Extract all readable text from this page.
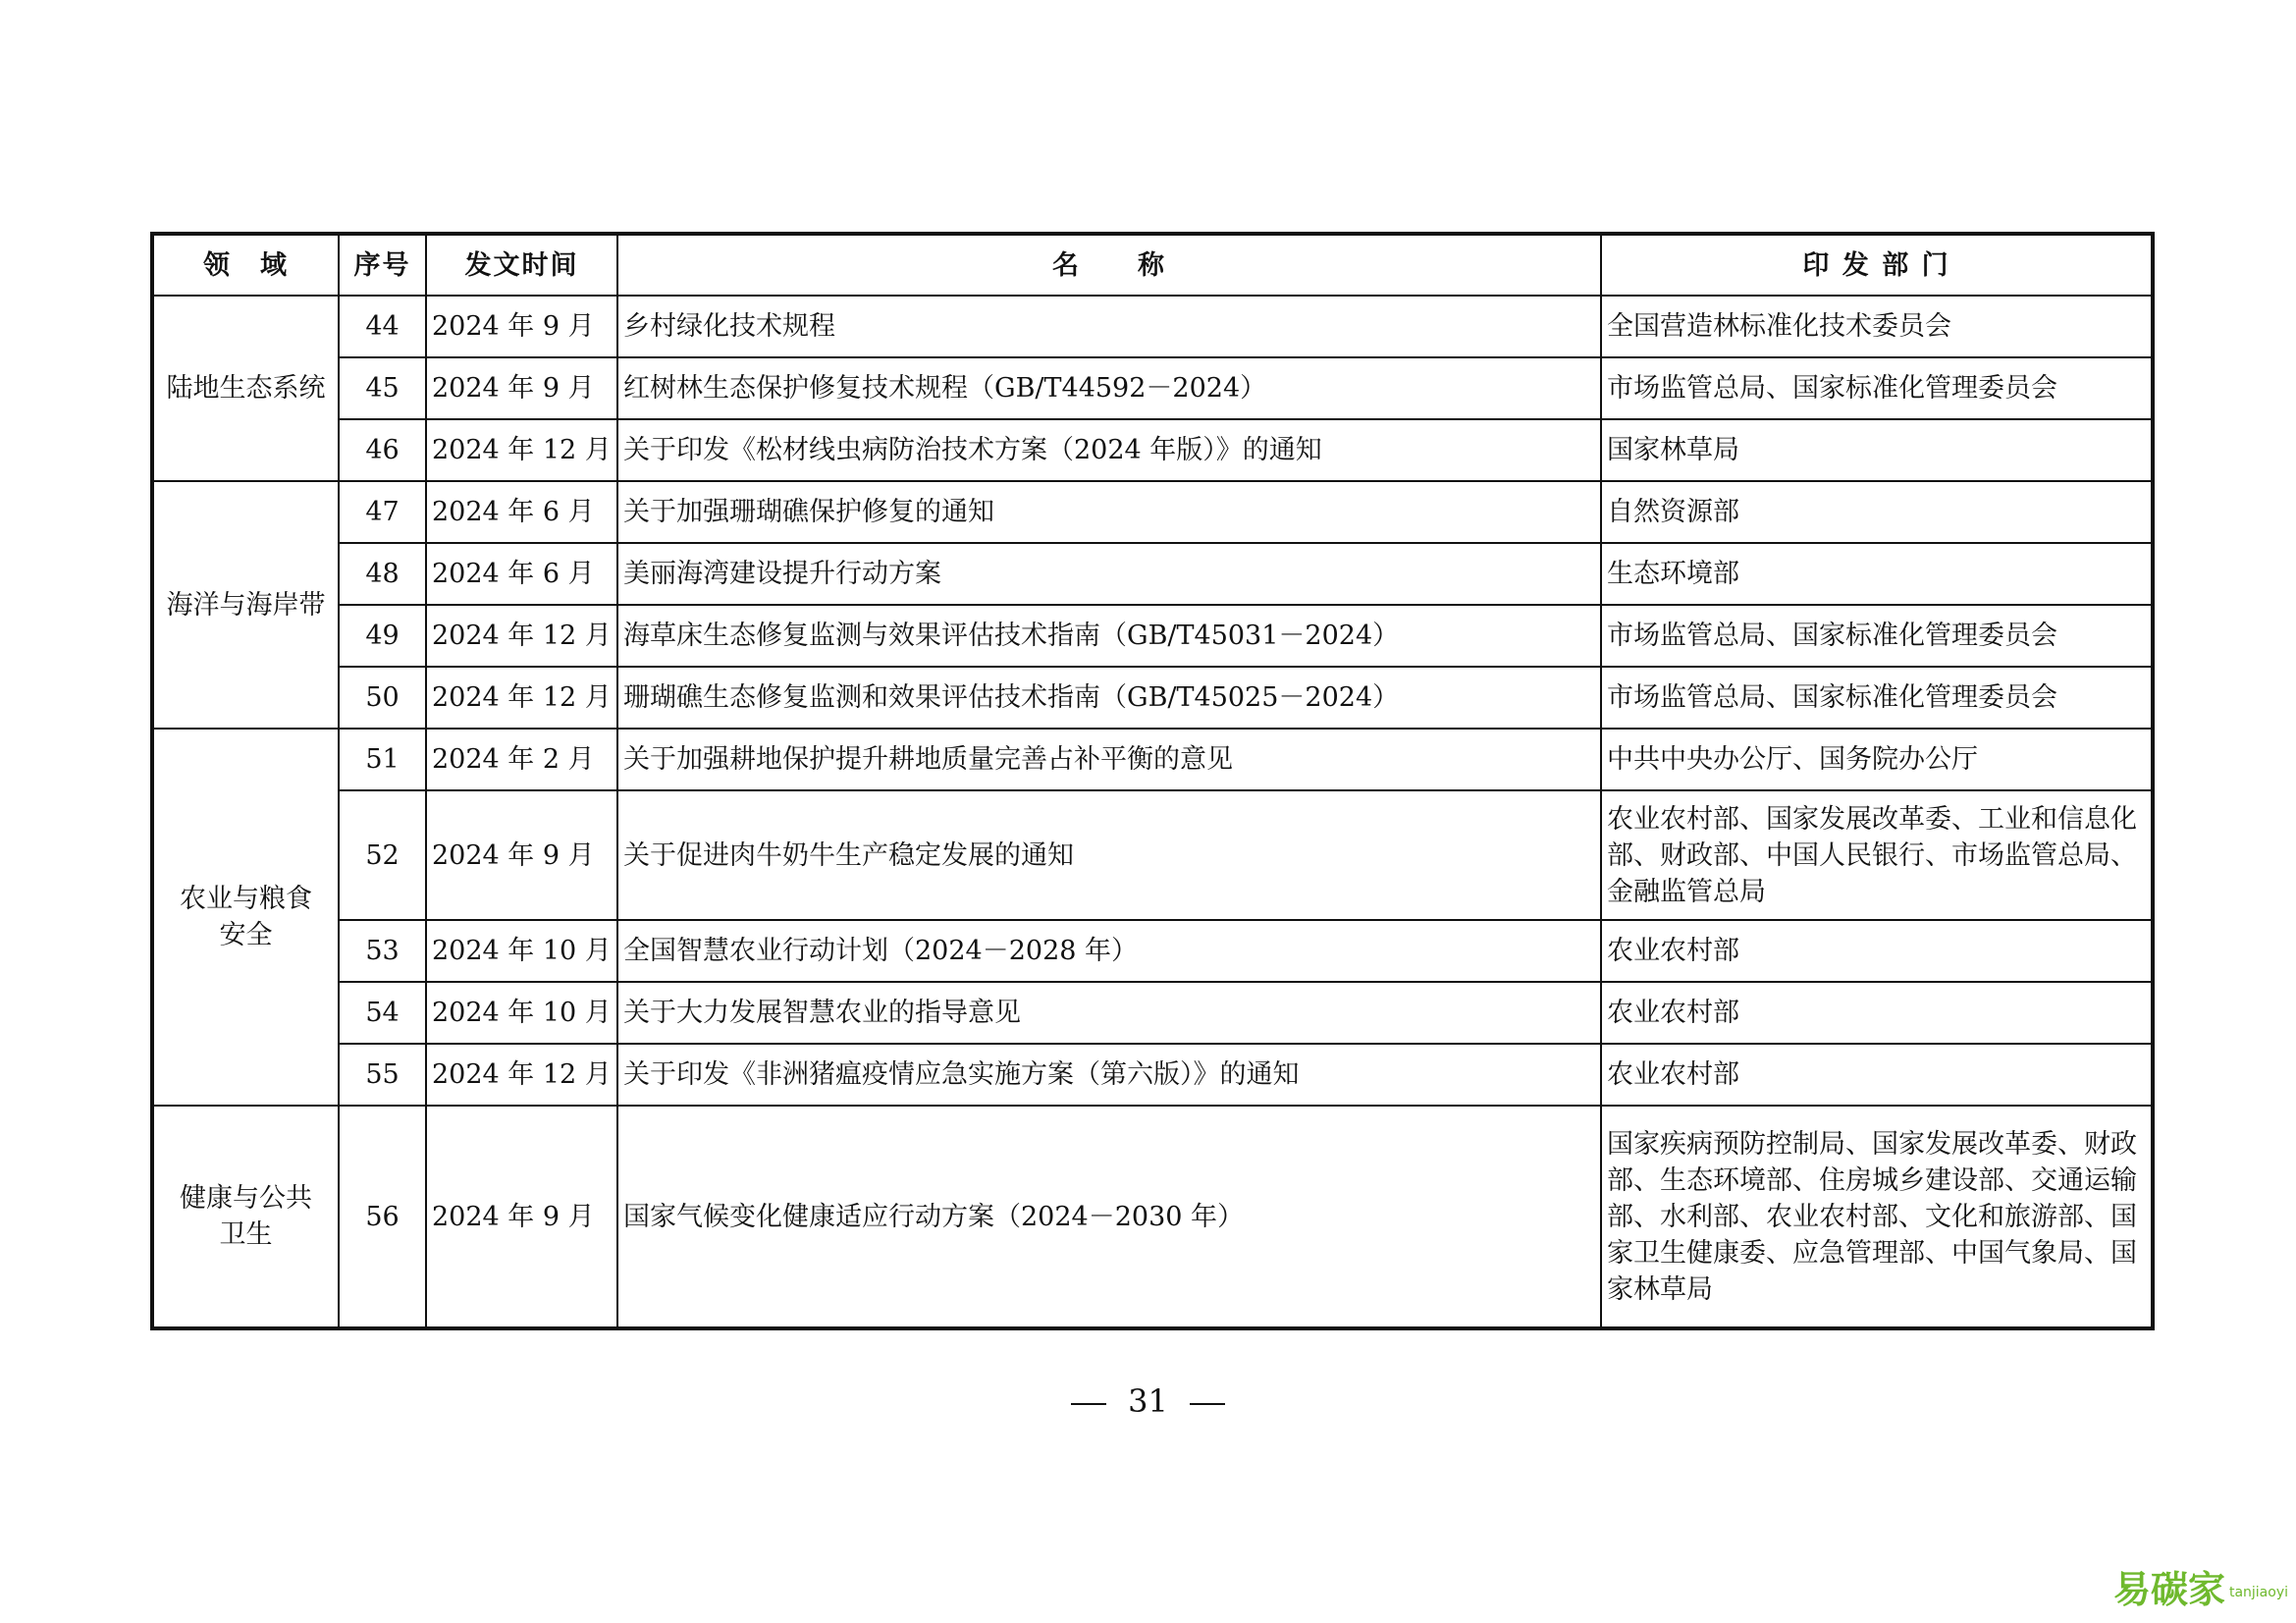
领　域	序号	发文时间	名　　称	印 发 部 门
陆地生态系统	44	2024 年 9 月	乡村绿化技术规程	全国营造林标准化技术委员会
	45	2024 年 9 月	红树林生态保护修复技术规程（GB/T44592－2024）	市场监管总局、国家标准化管理委员会
	46	2024 年 12 月	关于印发《松材线虫病防治技术方案（2024 年版）》的通知	国家林草局
海洋与海岸带	47	2024 年 6 月	关于加强珊瑚礁保护修复的通知	自然资源部
	48	2024 年 6 月	美丽海湾建设提升行动方案	生态环境部
	49	2024 年 12 月	海草床生态修复监测与效果评估技术指南（GB/T45031－2024）	市场监管总局、国家标准化管理委员会
	50	2024 年 12 月	珊瑚礁生态修复监测和效果评估技术指南（GB/T45025－2024）	市场监管总局、国家标准化管理委员会
农业与粮食安全	51	2024 年 2 月	关于加强耕地保护提升耕地质量完善占补平衡的意见	中共中央办公厅、国务院办公厅
	52	2024 年 9 月	关于促进肉牛奶牛生产稳定发展的通知	农业农村部、国家发展改革委、工业和信息化部、财政部、中国人民银行、市场监管总局、金融监管总局
	53	2024 年 10 月	全国智慧农业行动计划（2024－2028 年）	农业农村部
	54	2024 年 10 月	关于大力发展智慧农业的指导意见	农业农村部
	55	2024 年 12 月	关于印发《非洲猪瘟疫情应急实施方案（第六版）》的通知	农业农村部
健康与公共卫生	56	2024 年 9 月	国家气候变化健康适应行动方案（2024－2030 年）	国家疾病预防控制局、国家发展改革委、财政部、生态环境部、住房城乡建设部、交通运输部、水利部、农业农村部、文化和旅游部、国家卫生健康委、应急管理部、中国气象局、国家林草局
31
易碳家 tanjiaoyi
